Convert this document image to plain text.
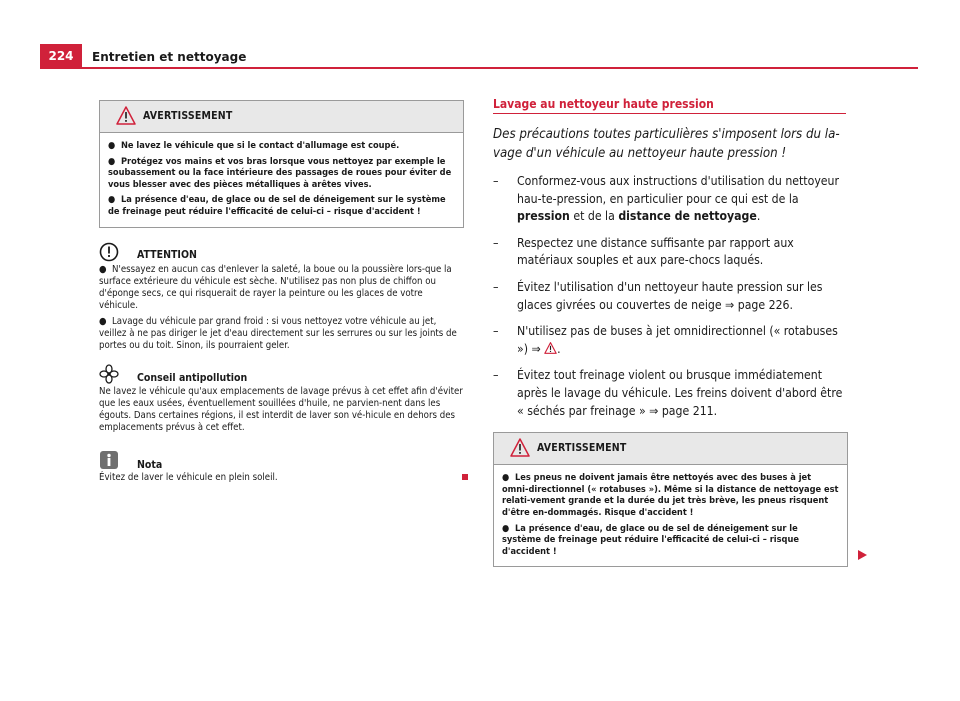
224	Entretien et nettoyage
AVERTISSEMENT
● Ne lavez le véhicule que si le contact d'allumage est coupé.
● Protégez vos mains et vos bras lorsque vous nettoyez par exemple le soubassement ou la face intérieure des passages de roues pour éviter de vous blesser avec des pièces métalliques à arêtes vives.
● La présence d'eau, de glace ou de sel de déneigement sur le système de freinage peut réduire l'efficacité de celui-ci – risque d'accident !
ATTENTION

● N'essayez en aucun cas d'enlever la saleté, la boue ou la poussière lors-que la surface extérieure du véhicule est sèche. N'utilisez pas non plus de chiffon ou d'éponge secs, ce qui risquerait de rayer la peinture ou les glaces de votre véhicule.

● Lavage du véhicule par grand froid : si vous nettoyez votre véhicule au jet, veillez à ne pas diriger le jet d'eau directement sur les serrures ou sur les joints de portes ou du toit. Sinon, ils pourraient geler.

Conseil antipollution

Ne lavez le véhicule qu'aux emplacements de lavage prévus à cet effet afin d'éviter que les eaux usées, éventuellement souillées d'huile, ne parvien-nent dans les égouts. Dans certaines régions, il est interdit de laver son vé-hicule en dehors des emplacements prévus à cet effet.

Nota

Évitez de laver le véhicule en plein soleil.

Lavage au nettoyeur haute pression
Des précautions toutes particulières s'imposent lors du la-vage d'un véhicule au nettoyeur haute pression !
–	Conformez-vous aux instructions d'utilisation du nettoyeur hau-te-pression, en particulier pour ce qui est de la pression et de la distance de nettoyage.
–	Respectez une distance suffisante par rapport aux matériaux souples et aux pare-chocs laqués.
–	Évitez l'utilisation d'un nettoyeur haute pression sur les glaces givrées ou couvertes de neige ⇒ page 226.
–	N'utilisez pas de buses à jet omnidirectionnel (« rotabuses ») ⇒ .
–	Évitez tout freinage violent ou brusque immédiatement après le lavage du véhicule. Les freins doivent d'abord être « séchés par freinage » ⇒ page 211.
AVERTISSEMENT
● Les pneus ne doivent jamais être nettoyés avec des buses à jet omni-directionnel (« rotabuses »). Même si la distance de nettoyage est relati-vement grande et la durée du jet très brève, les pneus risquent d'être en-dommagés. Risque d'accident !
● La présence d'eau, de glace ou de sel de déneigement sur le système de freinage peut réduire l'efficacité de celui-ci – risque d'accident !
